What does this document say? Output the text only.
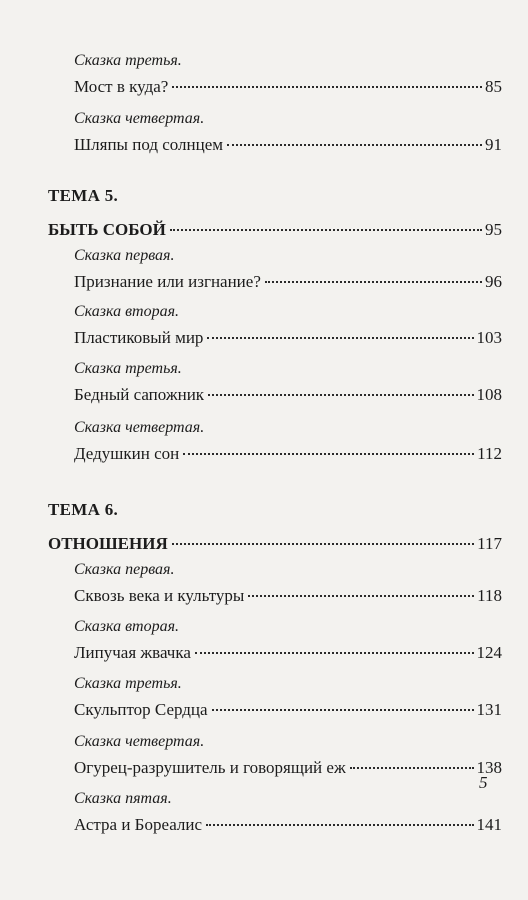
Сказка третья.
Мост в куда?	85
Сказка четвертая.
Шляпы под солнцем	91
ТЕМА 5.
БЫТЬ СОБОЙ	95
Сказка первая.
Признание или изгнание?	96
Сказка вторая.
Пластиковый мир	103
Сказка третья.
Бедный сапожник	108
Сказка четвертая.
Дедушкин сон	112
ТЕМА 6.
ОТНОШЕНИЯ	117
Сказка первая.
Сквозь века и культуры	118
Сказка вторая.
Липучая жвачка	124
Сказка третья.
Скульптор Сердца	131
Сказка четвертая.
Огурец-разрушитель и говорящий еж	138
Сказка пятая.
Астра и Бореалис	141
5
